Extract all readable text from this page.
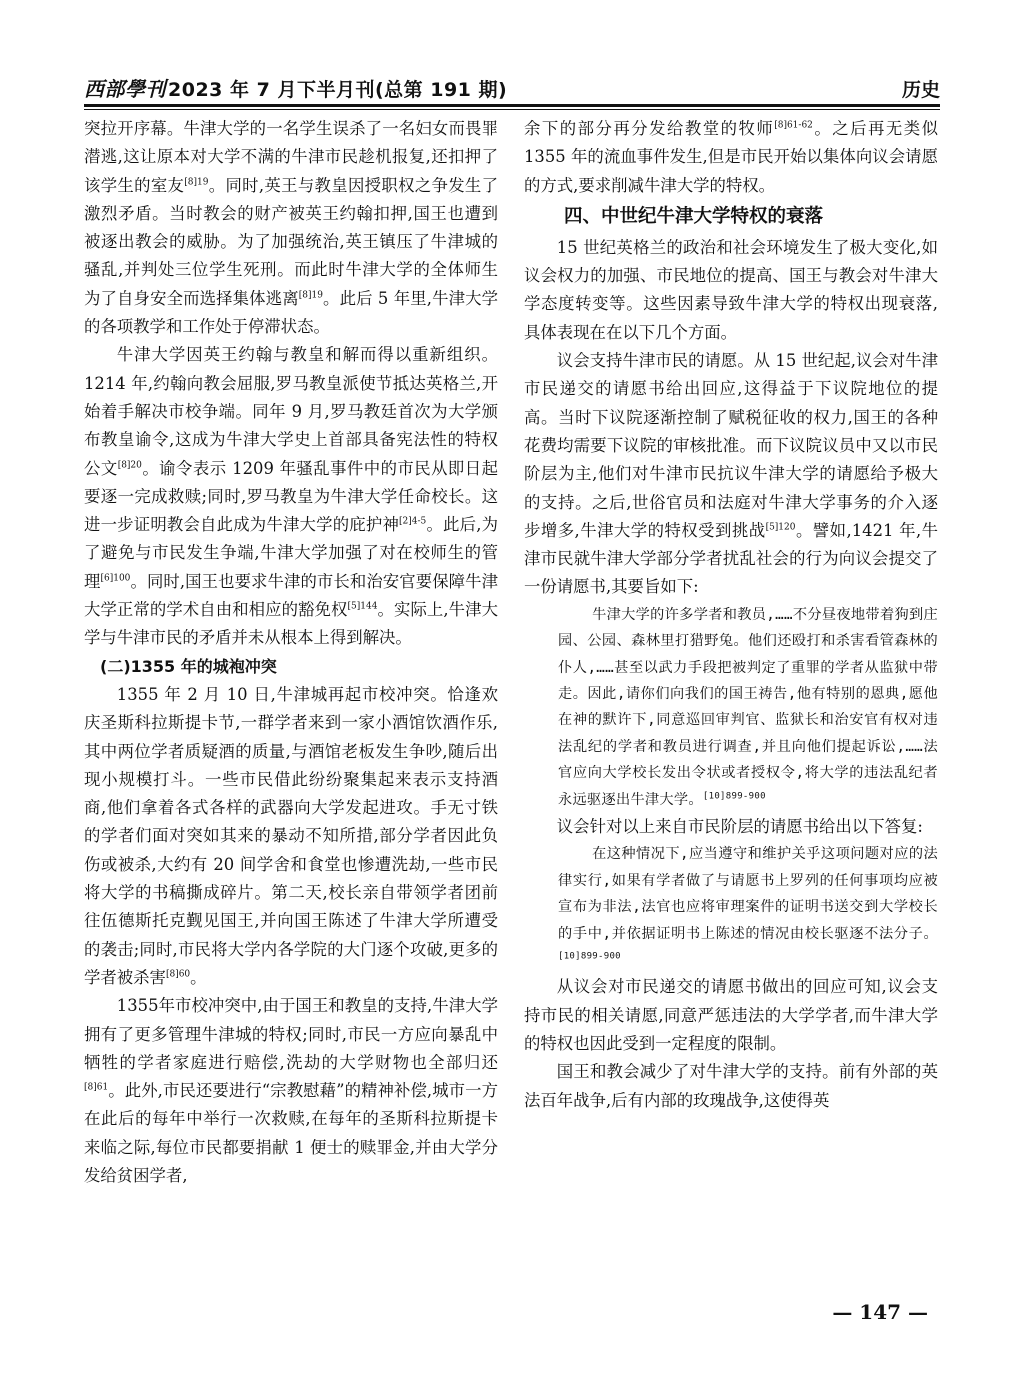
西部學刊 2023 年 7 月下半月刊(总第 191 期)	历史

突拉开序幕。牛津大学的一名学生误杀了一名妇女而畏罪潜逃,这让原本对大学不满的牛津市民趁机报复,还扣押了该学生的室友$^{[8]19}$。同时,英王与教皇因授职权之争发生了激烈矛盾。当时教会的财产被英王约翰扣押,国王也遭到被逐出教会的威胁。为了加强统治,英王镇压了牛津城的骚乱,并判处三位学生死刑。而此时牛津大学的全体师生为了自身安全而选择集体逃离$^{[8]19}$。此后 5 年里,牛津大学的各项教学和工作处于停滞状态。

牛津大学因英王约翰与教皇和解而得以重新组织。1214 年,约翰向教会屈服,罗马教皇派使节抵达英格兰,开始着手解决市校争端。同年 9 月,罗马教廷首次为大学颁布教皇谕令,这成为牛津大学史上首部具备宪法性的特权公文$^{[8]20}$。谕令表示 1209 年骚乱事件中的市民从即日起要逐一完成救赎;同时,罗马教皇为牛津大学任命校长。这进一步证明教会自此成为牛津大学的庇护神$^{[2]4-5}$。此后,为了避免与市民发生争端,牛津大学加强了对在校师生的管理$^{[6]100}$。同时,国王也要求牛津的市长和治安官要保障牛津大学正常的学术自由和相应的豁免权$^{[5]144}$。实际上,牛津大学与牛津市民的矛盾并未从根本上得到解决。

(二)1355 年的城袍冲突

1355 年 2 月 10 日,牛津城再起市校冲突。恰逢欢庆圣斯科拉斯提卡节,一群学者来到一家小酒馆饮酒作乐,其中两位学者质疑酒的质量,与酒馆老板发生争吵,随后出现小规模打斗。一些市民借此纷纷聚集起来表示支持酒商,他们拿着各式各样的武器向大学发起进攻。手无寸铁的学者们面对突如其来的暴动不知所措,部分学者因此负伤或被杀,大约有 20 间学舍和食堂也惨遭洗劫,一些市民将大学的书稿撕成碎片。第二天,校长亲自带领学者团前往伍德斯托克觐见国王,并向国王陈述了牛津大学所遭受的袭击;同时,市民将大学内各学院的大门逐个攻破,更多的学者被杀害$^{[8]60}$。

1355年市校冲突中,由于国王和教皇的支持,牛津大学拥有了更多管理牛津城的特权;同时,市民一方应向暴乱中牺牲的学者家庭进行赔偿,洗劫的大学财物也全部归还$^{[8]61}$。此外,市民还要进行“宗教慰藉”的精神补偿,城市一方在此后的每年中举行一次救赎,在每年的圣斯科拉斯提卡来临之际,每位市民都要捐献 1 便士的赎罪金,并由大学分发给贫困学者,

余下的部分再分发给教堂的牧师$^{[8]61-62}$。之后再无类似 1355 年的流血事件发生,但是市民开始以集体向议会请愿的方式,要求削减牛津大学的特权。

四、中世纪牛津大学特权的衰落

15 世纪英格兰的政治和社会环境发生了极大变化,如议会权力的加强、市民地位的提高、国王与教会对牛津大学态度转变等。这些因素导致牛津大学的特权出现衰落,具体表现在在以下几个方面。

议会支持牛津市民的请愿。从 15 世纪起,议会对牛津市民递交的请愿书给出回应,这得益于下议院地位的提高。当时下议院逐渐控制了赋税征收的权力,国王的各种花费均需要下议院的审核批准。而下议院议员中又以市民阶层为主,他们对牛津市民抗议牛津大学的请愿给予极大的支持。之后,世俗官员和法庭对牛津大学事务的介入逐步增多,牛津大学的特权受到挑战$^{[5]120}$。譬如,1421 年,牛津市民就牛津大学部分学者扰乱社会的行为向议会提交了一份请愿书,其要旨如下:

牛津大学的许多学者和教员,……不分昼夜地带着狗到庄园、公园、森林里打猎野兔。他们还殴打和杀害看管森林的仆人,……甚至以武力手段把被判定了重罪的学者从监狱中带走。因此,请你们向我们的国王祷告,他有特别的恩典,愿他在神的默许下,同意巡回审判官、监狱长和治安官有权对违法乱纪的学者和教员进行调查,并且向他们提起诉讼,……法官应向大学校长发出令状或者授权令,将大学的违法乱纪者永远驱逐出牛津大学。$^{[10]899-900}$

议会针对以上来自市民阶层的请愿书给出以下答复:

在这种情况下,应当遵守和维护关乎这项问题对应的法律实行,如果有学者做了与请愿书上罗列的任何事项均应被宣布为非法,法官也应将审理案件的证明书送交到大学校长的手中,并依据证明书上陈述的情况由校长驱逐不法分子。$^{[10]899-900}$

从议会对市民递交的请愿书做出的回应可知,议会支持市民的相关请愿,同意严惩违法的大学学者,而牛津大学的特权也因此受到一定程度的限制。

国王和教会减少了对牛津大学的支持。前有外部的英法百年战争,后有内部的玫瑰战争,这使得英

— 147 —
